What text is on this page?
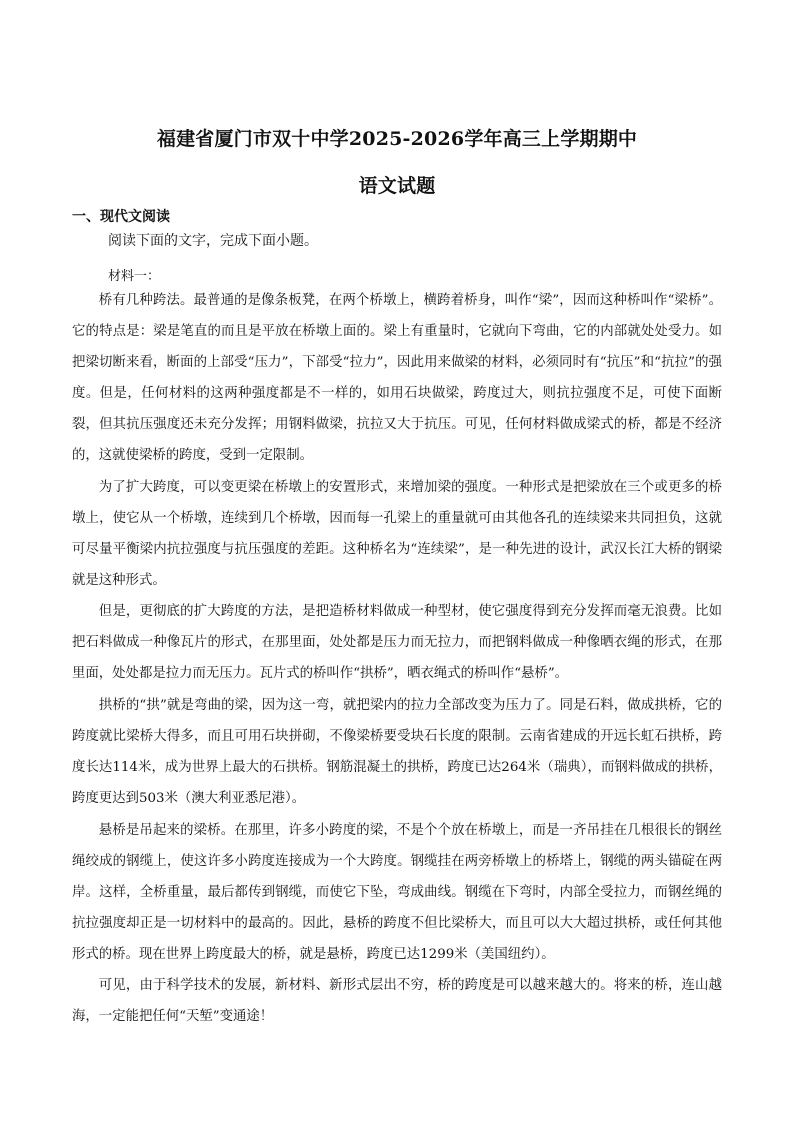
福建省厦门市双十中学2025-2026学年高三上学期期中
语文试题
一、现代文阅读
阅读下面的文字，完成下面小题。
材料一：
桥有几种跨法。最普通的是像条板凳，在两个桥墩上，横跨着桥身，叫作“梁”，因而这种桥叫作“梁桥”。它的特点是：梁是笔直的而且是平放在桥墩上面的。梁上有重量时，它就向下弯曲，它的内部就处处受力。如把梁切断来看，断面的上部受“压力”，下部受“拉力”，因此用来做梁的材料，必须同时有“抗压”和“抗拉”的强度。但是，任何材料的这两种强度都是不一样的，如用石块做梁，跨度过大，则抗拉强度不足，可使下面断裂，但其抗压强度还未充分发挥；用钢料做梁，抗拉又大于抗压。可见，任何材料做成梁式的桥，都是不经济的，这就使梁桥的跨度，受到一定限制。
为了扩大跨度，可以变更梁在桥墩上的安置形式，来增加梁的强度。一种形式是把梁放在三个或更多的桥墩上，使它从一个桥墩，连续到几个桥墩，因而每一孔梁上的重量就可由其他各孔的连续梁来共同担负，这就可尽量平衡梁内抗拉强度与抗压强度的差距。这种桥名为“连续梁”，是一种先进的设计，武汉长江大桥的钢梁就是这种形式。
但是，更彻底的扩大跨度的方法，是把造桥材料做成一种型材，使它强度得到充分发挥而毫无浪费。比如把石料做成一种像瓦片的形式，在那里面，处处都是压力而无拉力，而把钢料做成一种像晒衣绳的形式，在那里面，处处都是拉力而无压力。瓦片式的桥叫作“拱桥”，晒衣绳式的桥叫作“悬桥”。
拱桥的“拱”就是弯曲的梁，因为这一弯，就把梁内的拉力全部改变为压力了。同是石料，做成拱桥，它的跨度就比梁桥大得多，而且可用石块拼砌，不像梁桥要受块石长度的限制。云南省建成的开远长虹石拱桥，跨度长达114米，成为世界上最大的石拱桥。钢筋混凝土的拱桥，跨度已达264米（瑞典），而钢料做成的拱桥，跨度更达到503米（澳大利亚悉尼港）。
悬桥是吊起来的梁桥。在那里，许多小跨度的梁，不是个个放在桥墩上，而是一齐吊挂在几根很长的钢丝绳绞成的钢缆上，使这许多小跨度连接成为一个大跨度。钢缆挂在两旁桥墩上的桥塔上，钢缆的两头锚碇在两岸。这样，全桥重量，最后都传到钢缆，而使它下坠，弯成曲线。钢缆在下弯时，内部全受拉力，而钢丝绳的抗拉强度却正是一切材料中的最高的。因此，悬桥的跨度不但比梁桥大，而且可以大大超过拱桥，或任何其他形式的桥。现在世界上跨度最大的桥，就是悬桥，跨度已达1299米（美国纽约）。
可见，由于科学技术的发展，新材料、新形式层出不穷，桥的跨度是可以越来越大的。将来的桥，连山越海，一定能把任何“天堑”变通途！
